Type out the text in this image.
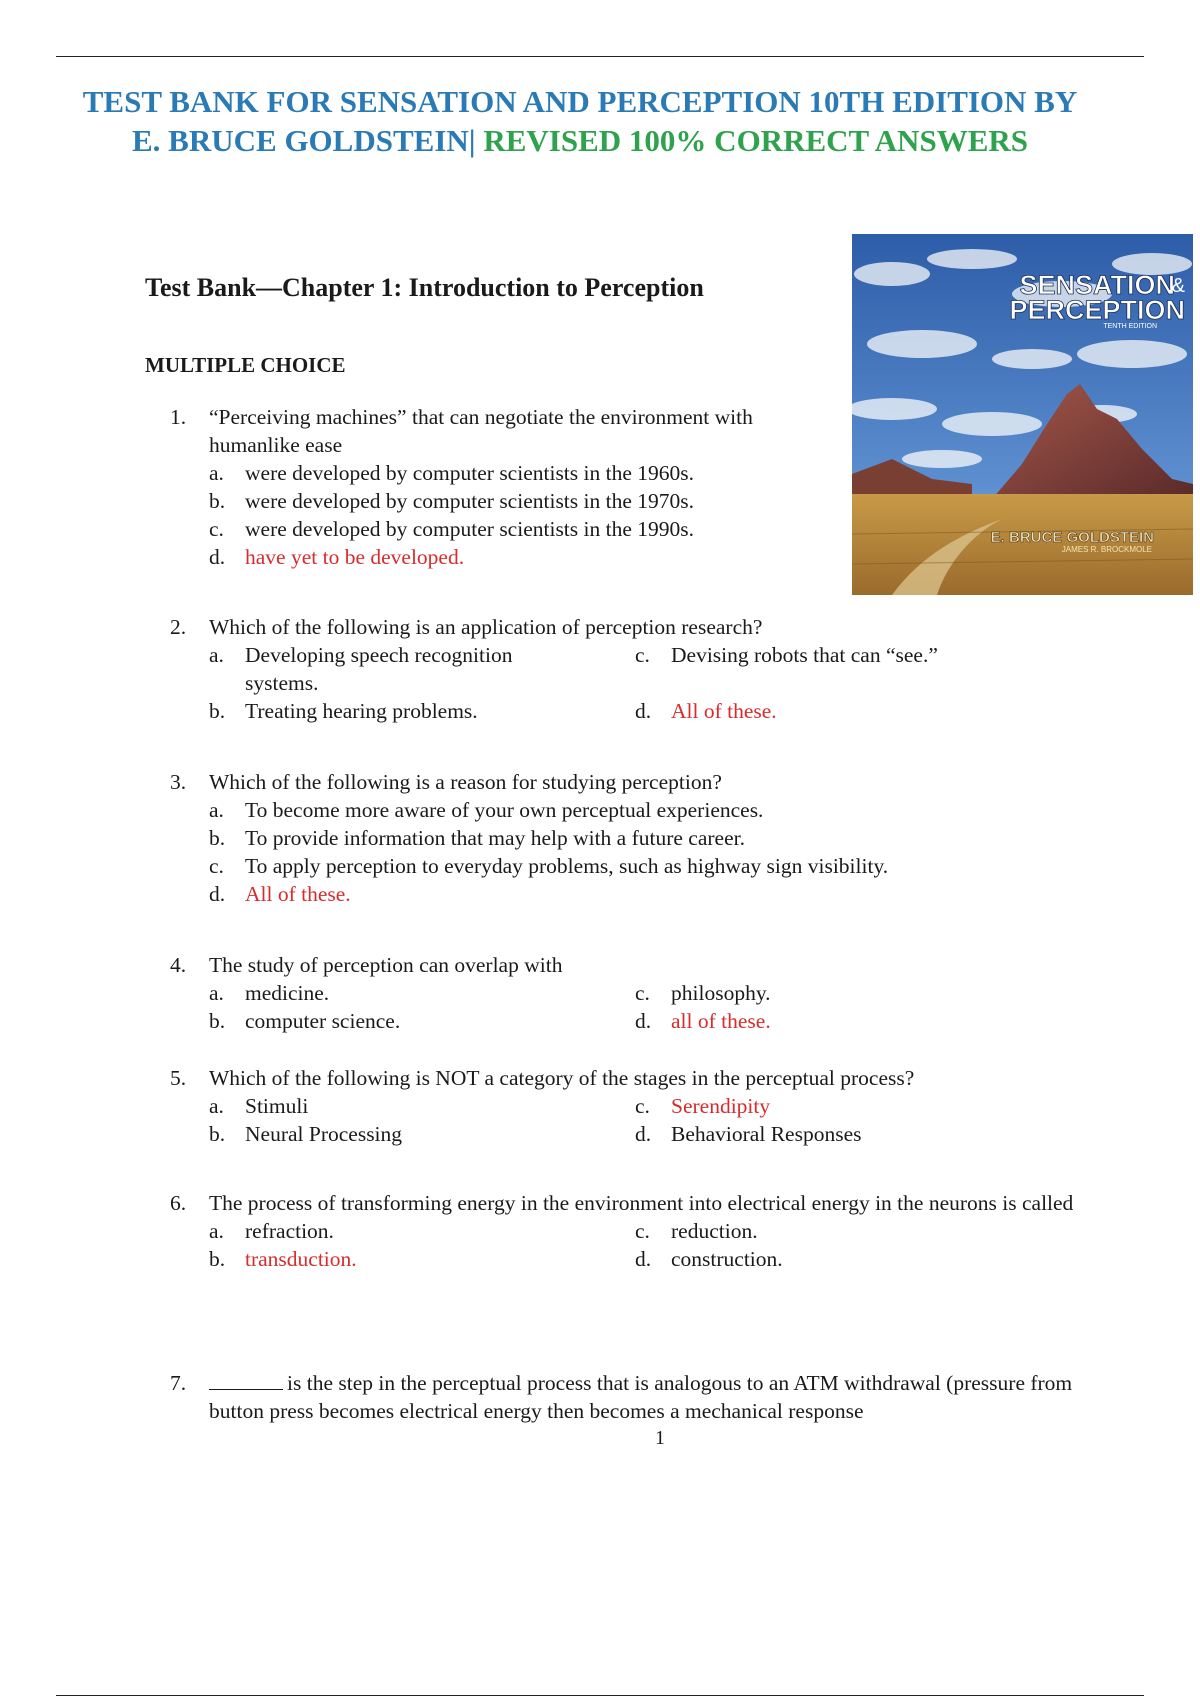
TEST BANK FOR SENSATION AND PERCEPTION 10TH EDITION BY E. BRUCE GOLDSTEIN| REVISED 100% CORRECT ANSWERS
Test Bank—Chapter 1: Introduction to Perception
MULTIPLE CHOICE
SENSATION
&
PERCEPTION
TENTH EDITION
E. BRUCE GOLDSTEIN
JAMES R. BROCKMOLE
1. “Perceiving machines” that can negotiate the environment with humanlike ease
a. were developed by computer scientists in the 1960s.
b. were developed by computer scientists in the 1970s.
c. were developed by computer scientists in the 1990s.
d. have yet to be developed.
2. Which of the following is an application of perception research?
a. Developing speech recognition systems.
c. Devising robots that can “see.”
b. Treating hearing problems.	d. All of these.
3. Which of the following is a reason for studying perception?
a. To become more aware of your own perceptual experiences.
b. To provide information that may help with a future career.
c. To apply perception to everyday problems, such as highway sign visibility.
d. All of these.
4. The study of perception can overlap with
a. medicine.	c. philosophy.
b. computer science.	d. all of these.
5. Which of the following is NOT a category of the stages in the perceptual process?
a. Stimuli	c. Serendipity
b. Neural Processing	d. Behavioral Responses
6. The process of transforming energy in the environment into electrical energy in the neurons is called
a. refraction.	c. reduction.
b. transduction.	d. construction.
7.	is the step in the perceptual process that is analogous to an ATM withdrawal (pressure from button press becomes electrical energy then becomes a mechanical response
1
